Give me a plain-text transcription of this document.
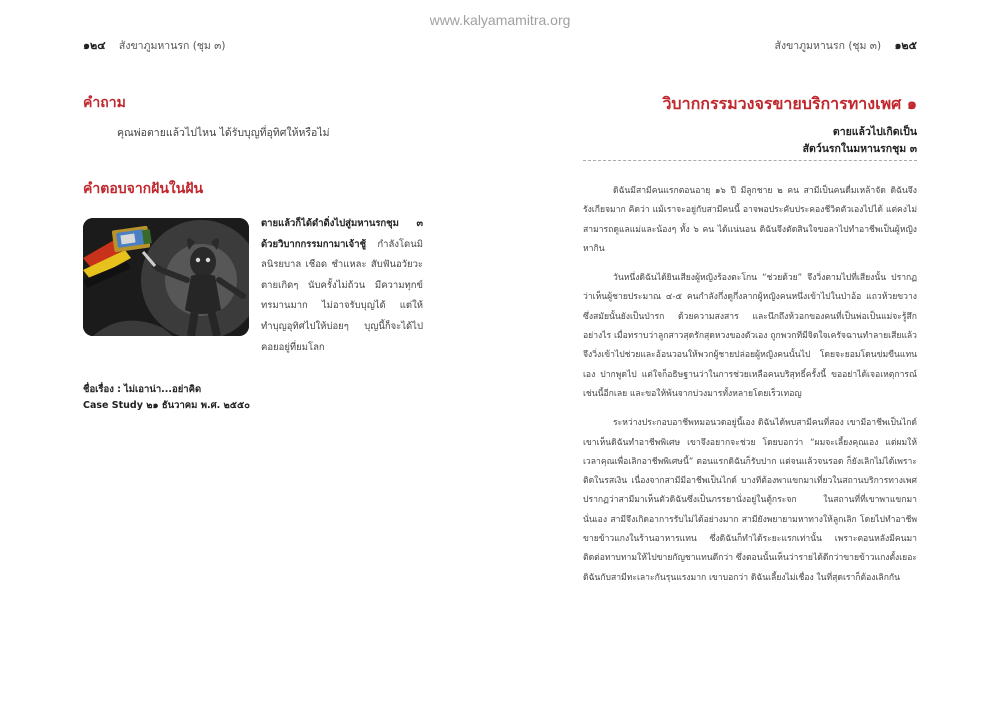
www.kalyamamitra.org
๑๒๔ สังขาภูมหานรก (ชุม ๓)
คำถาม
คุณพ่อตายแล้วไปไหน ได้รับบุญที่อุทิศให้หรือไม่
คำตอบจากฝันในฝัน
ตายแล้วก็ได้ดำดิ่งไปสู่มหานรกชุม ๓ ด้วยวิบากกรรมกามาเจ้าชู้ กำลังโดนมิลนิรยบาล เชือด ชำแหละ สับฟันอวัยวะตายเกิดๆ นับครั้งไม่ถ้วน มีความทุกข์ทรมานมาก ไม่อาจรับบุญได้ แต่ให้ทำบุญอุทิศไปให้บ่อยๆ บุญนี้ก็จะได้ไปคอยอยู่ที่ยมโลก
ชื่อเรื่อง : ไม่เอาน่า...อย่าคิด
Case Study ๒๑ ธันวาคม พ.ศ. ๒๕๕๐
สังขาภูมหานรก (ชุม ๓) ๑๒๕
วิบากกรรมวงจรขายบริการทางเพศ ๑
ตายแล้วไปเกิดเป็น
สัตว์นรกในมหานรกชุม ๓

ดิฉันมีสามีคนแรกตอนอายุ ๑๖ ปี มีลูกชาย ๒ คน สามีเป็นคนดื่มเหล้าจัด ดิฉันจึงรังเกียจมาก คิดว่า แม้เราจะอยู่กับสามีคนนี้ อาจพอประคับประคองชีวิตตัวเองไปได้ แต่คงไม่สามารถดูแลแม่และน้องๆ ทั้ง ๖ คน ได้แน่นอน ดิฉันจึงตัดสินใจขอลาไปทำอาชีพเป็นผู้หญิงหากิน

วันหนึ่งดิฉันได้ยินเสียงผู้หญิงร้องตะโกน “ช่วยด้วย” จึงวิ่งตามไปที่เสียงนั้น ปรากฏว่าเห็นผู้ชายประมาณ ๔-๕ คนกำลังกึ่งดูกึ่งลากผู้หญิงคนหนึ่งเข้าไปในป่าอ้อ แถวห้วยขวาง ซึ่งสมัยนั้นยังเป็นป่ารก ด้วยความสงสาร และนึกถึงห้วอกของคนที่เป็นพ่อเป็นแม่จะรู้สึกอย่างไร เมื่อทราบว่าลูกสาวสุดรักสุดหวงของตัวเอง ถูกพวกทีมีจิตใจเครัจฉานทำลายเสียแล้ว จึงวิ่งเข้าไปช่วยและอ้อนวอนให้พวกผู้ชายปล่อยผู้หญิงคนนั้นไป โดยจะยอมโดนข่มขืนแทนเอง ปากพูดไป แต่ใจก็อธิษฐานว่าในการช่วยเหลือคนบริสุทธิ์ครั้งนี้ ขออย่าได้เจอเหตุการณ์เช่นนี้อีกเลย และขอให้พ้นจากบ่วงมารทั้งหลายโดยเร็วเทอญ

ระหว่างประกอบอาชีพหมอนวดอยู่นี้เอง ดิฉันได้พบสามีคนที่สอง เขามีอาชีพเป็นไกด์ เขาเห็นดิฉันทำอาชีพพิเศษ เขาจึงอยากจะช่วย โดยบอกว่า “ผมจะเลี้ยงคุณเอง แต่ผมให้เวลาคุณเพื่อเลิกอาชีพพิเศษนี้” ตอนแรกดิฉันก็รับปาก แต่จนแล้วจนรอด ก็ยังเลิกไม่ได้เพราะติดในรสเงิน เนื่องจากสามีมีอาชีพเป็นไกด์ บางทีต้องพาแขกมาเที่ยวในสถานบริการทางเพศ ปรากฏว่าสามีมาเห็นตัวดิฉันซึ่งเป็นภรรยานั่งอยู่ในตู้กระจก ในสถานที่ที่เขาพาแขกมานั่นเอง สามีจึงเกิดอาการรับไม่ได้อย่างมาก สามียังพยายามหาทางให้ลูกเลิก โดยไปทำอาชีพขายข้าวแกงในร้านอาหารแทน ซึ่งดิฉันก็ทำได้ระยะแรกเท่านั้น เพราะตอนหลังมีคนมาติดต่อทาบทามให้ไปขายกัญชาแทนดีกว่า ซึ่งตอนนั้นเห็นว่ารายได้ดีกว่าขายข้าวแกงตั้งเยอะ ดิฉันกับสามีทะเลาะกันรุนแรงมาก เขาบอกว่า ดิฉันเลี้ยงไม่เชื่อง ในที่สุดเราก็ต้องเลิกกัน
